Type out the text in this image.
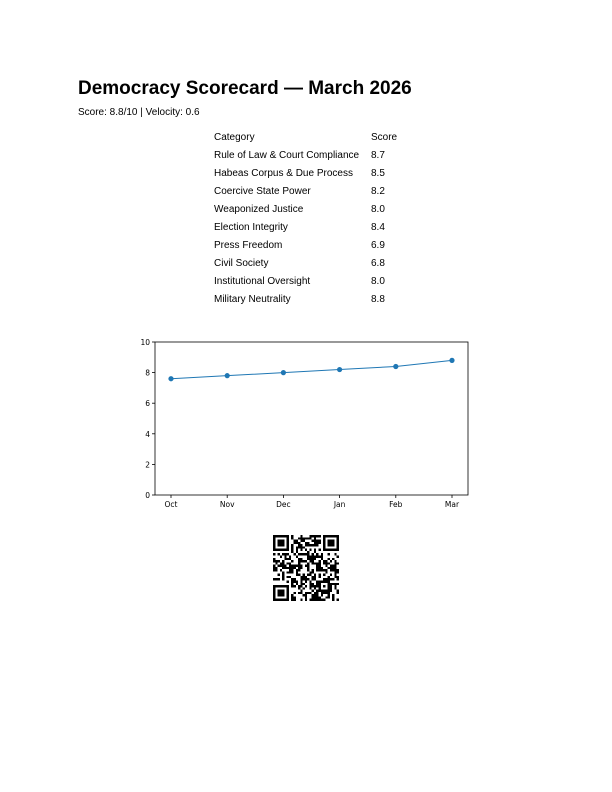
Democracy Scorecard — March 2026
Score: 8.8/10 | Velocity: 0.6
Category	Score
Rule of Law & Court Compliance	8.7
Habeas Corpus & Due Process	8.5
Coercive State Power	8.2
Weaponized Justice	8.0
Election Integrity	8.4
Press Freedom	6.9
Civil Society	6.8
Institutional Oversight	8.0
Military Neutrality	8.8
0
2
4
6
8
10
Oct	Nov	Dec	Jan	Feb	Mar
